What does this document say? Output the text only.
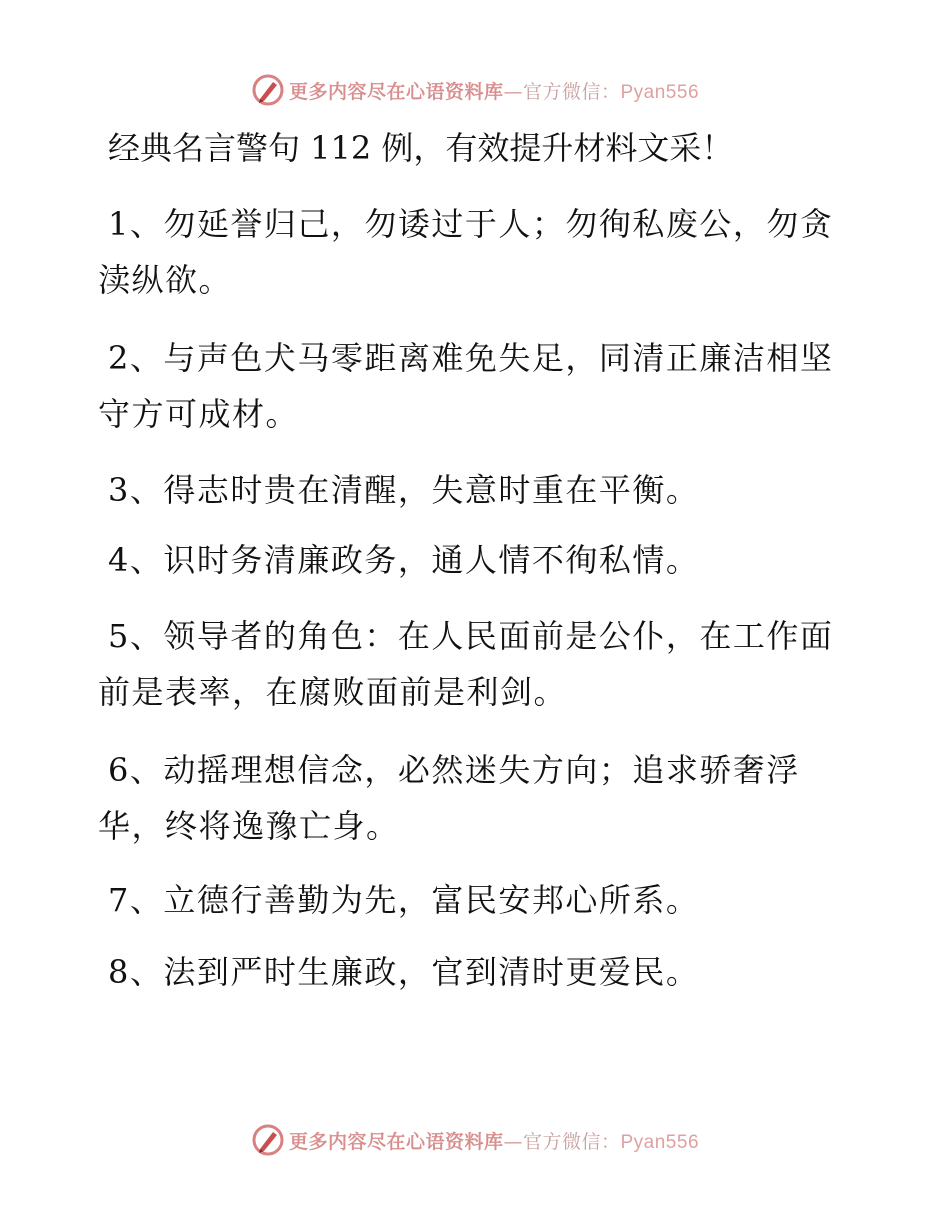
更多内容尽在心语资料库—官方微信：Pyan556
经典名言警句 112 例，有效提升材料文采！

1、勿延誉归己，勿诿过于人；勿徇私废公，勿贪渎纵欲。

2、与声色犬马零距离难免失足，同清正廉洁相坚守方可成材。

3、得志时贵在清醒，失意时重在平衡。

4、识时务清廉政务，通人情不徇私情。

5、领导者的角色：在人民面前是公仆，在工作面前是表率，在腐败面前是利剑。

6、动摇理想信念，必然迷失方向；追求骄奢浮华，终将逸豫亡身。

7、立德行善勤为先，富民安邦心所系。

8、法到严时生廉政，官到清时更爱民。

更多内容尽在心语资料库—官方微信：Pyan556
